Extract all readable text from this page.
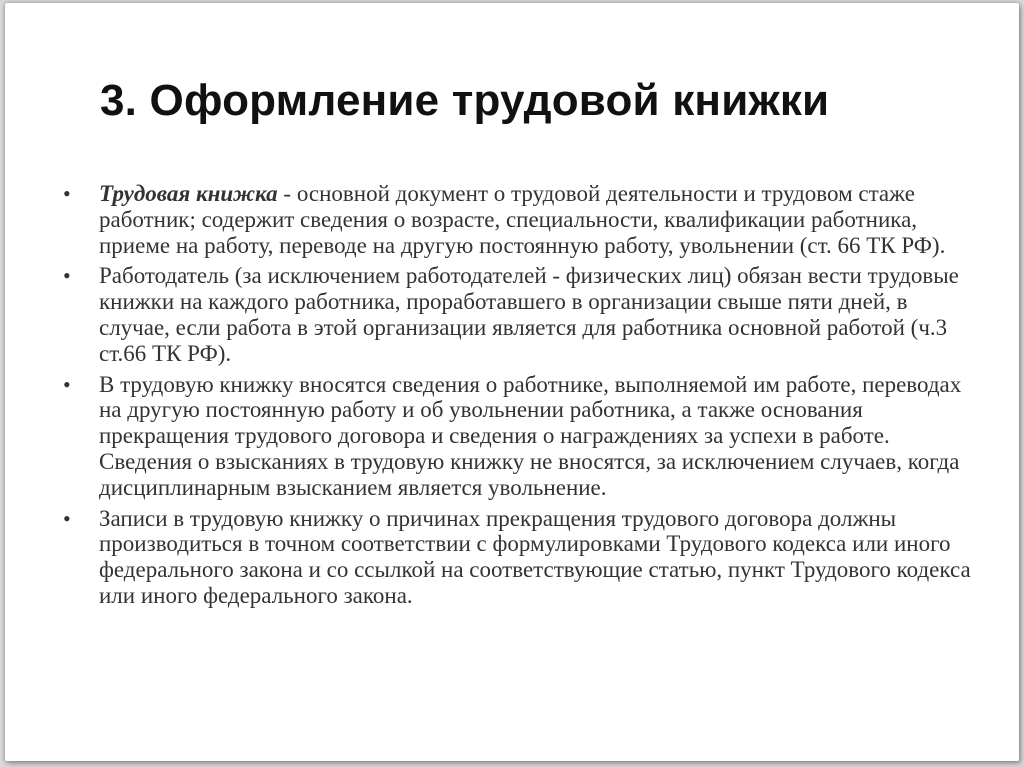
3. Оформление трудовой книжки
• Трудовая книжка - основной документ о трудовой деятельности и трудовом стаже работник; содержит сведения о возрасте, специальности, квалификации работника, приеме на работу, переводе на другую постоянную работу, увольнении (ст. 66 ТК РФ).
• Работодатель (за исключением работодателей - физических лиц) обязан вести трудовые книжки на каждого работника, проработавшего в организации свыше пяти дней, в случае, если работа в этой организации является для работника основной работой (ч.3 ст.66 ТК РФ).
• В трудовую книжку вносятся сведения о работнике, выполняемой им работе, переводах на другую постоянную работу и об увольнении работника, а также основания прекращения трудового договора и сведения о награждениях за успехи в работе. Сведения о взысканиях в трудовую книжку не вносятся, за исключением случаев, когда дисциплинарным взысканием является увольнение.
• Записи в трудовую книжку о причинах прекращения трудового договора должны производиться в точном соответствии с формулировками Трудового кодекса или иного федерального закона и со ссылкой на соответствующие статью, пункт Трудового кодекса или иного федерального закона.
